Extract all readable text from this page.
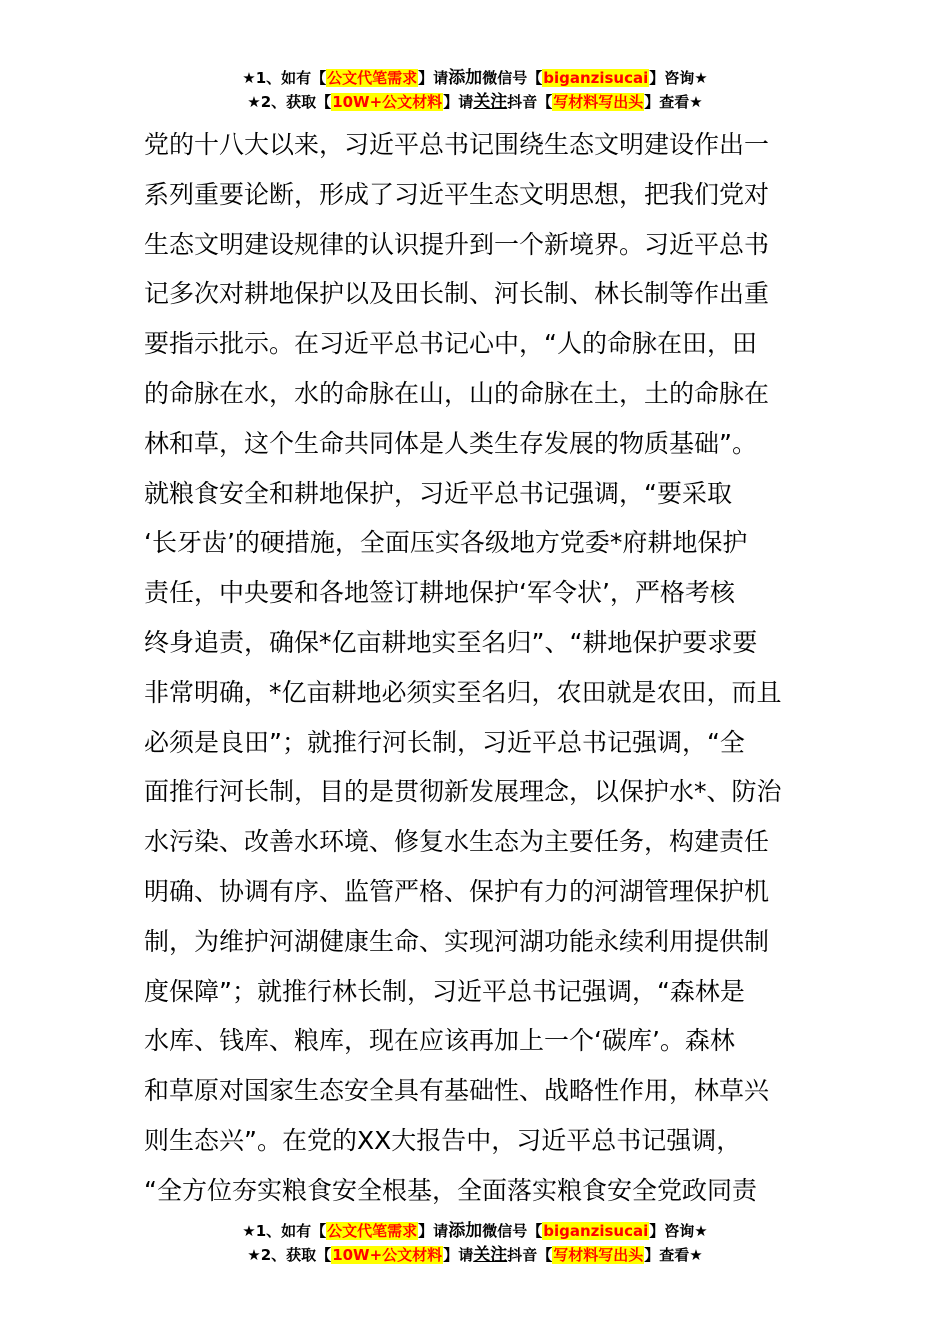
★1、如有【公文代笔需求】请添加微信号【biganzisucai】咨询★
★2、获取【10W+公文材料】请关注抖音【写材料写出头】查看★
党的十八大以来，习近平总书记围绕生态文明建设作出一
系列重要论断，形成了习近平生态文明思想，把我们党对
生态文明建设规律的认识提升到一个新境界。习近平总书
记多次对耕地保护以及田长制、河长制、林长制等作出重
要指示批示。在习近平总书记心中，“人的命脉在田，田
的命脉在水，水的命脉在山，山的命脉在土，土的命脉在
林和草，这个生命共同体是人类生存发展的物质基础”。
就粮食安全和耕地保护，习近平总书记强调，“要采取
‘长牙齿’的硬措施，全面压实各级地方党委*府耕地保护
责任，中央要和各地签订耕地保护‘军令状’，严格考核
终身追责，确保*亿亩耕地实至名归”、“耕地保护要求要
非常明确，*亿亩耕地必须实至名归，农田就是农田，而且
必须是良田”；就推行河长制，习近平总书记强调，“全
面推行河长制，目的是贯彻新发展理念，以保护水*、防治
水污染、改善水环境、修复水生态为主要任务，构建责任
明确、协调有序、监管严格、保护有力的河湖管理保护机
制，为维护河湖健康生命、实现河湖功能永续利用提供制
度保障”；就推行林长制，习近平总书记强调，“森林是
水库、钱库、粮库，现在应该再加上一个‘碳库’。森林
和草原对国家生态安全具有基础性、战略性作用，林草兴
则生态兴”。在党的XX大报告中，习近平总书记强调，
“全方位夯实粮食安全根基，全面落实粮食安全党政同责
★1、如有【公文代笔需求】请添加微信号【biganzisucai】咨询★
★2、获取【10W+公文材料】请关注抖音【写材料写出头】查看★
